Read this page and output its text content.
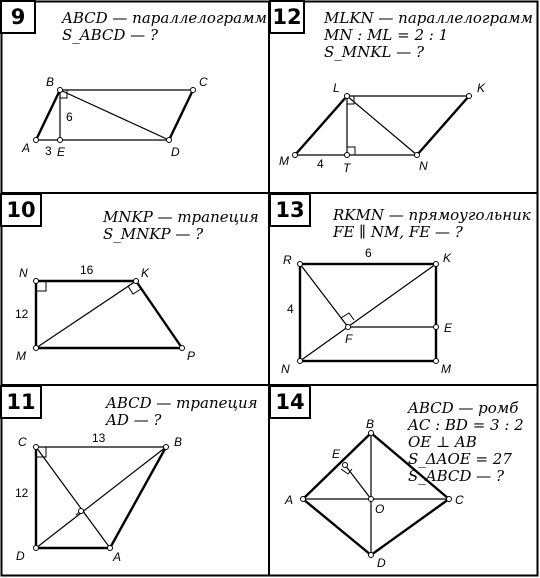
9	ABCD — параллелограмм
S_ABCD — ?
A
B	C
D
E
6
3
12 MLKN — параллелограмм
MN : ML = 2 : 1
S_MNKL — ?
M
L	K
N
T
4
10	MNKP — трапеция
S_MNKP — ?
N	K
M	P
16
12
13	RKMN — прямоугольник
FE ∥ NM, FE — ?
R	K
N	M
F
E
6
4
11	ABCD — трапеция
AD — ?
C	B
D	A
13
12
14	ABCD — ромб
AC : BD = 3 : 2
OE ⊥ AB
S_ΔAOE = 27
S_ABCD — ?
A
B
C
D
E
O
